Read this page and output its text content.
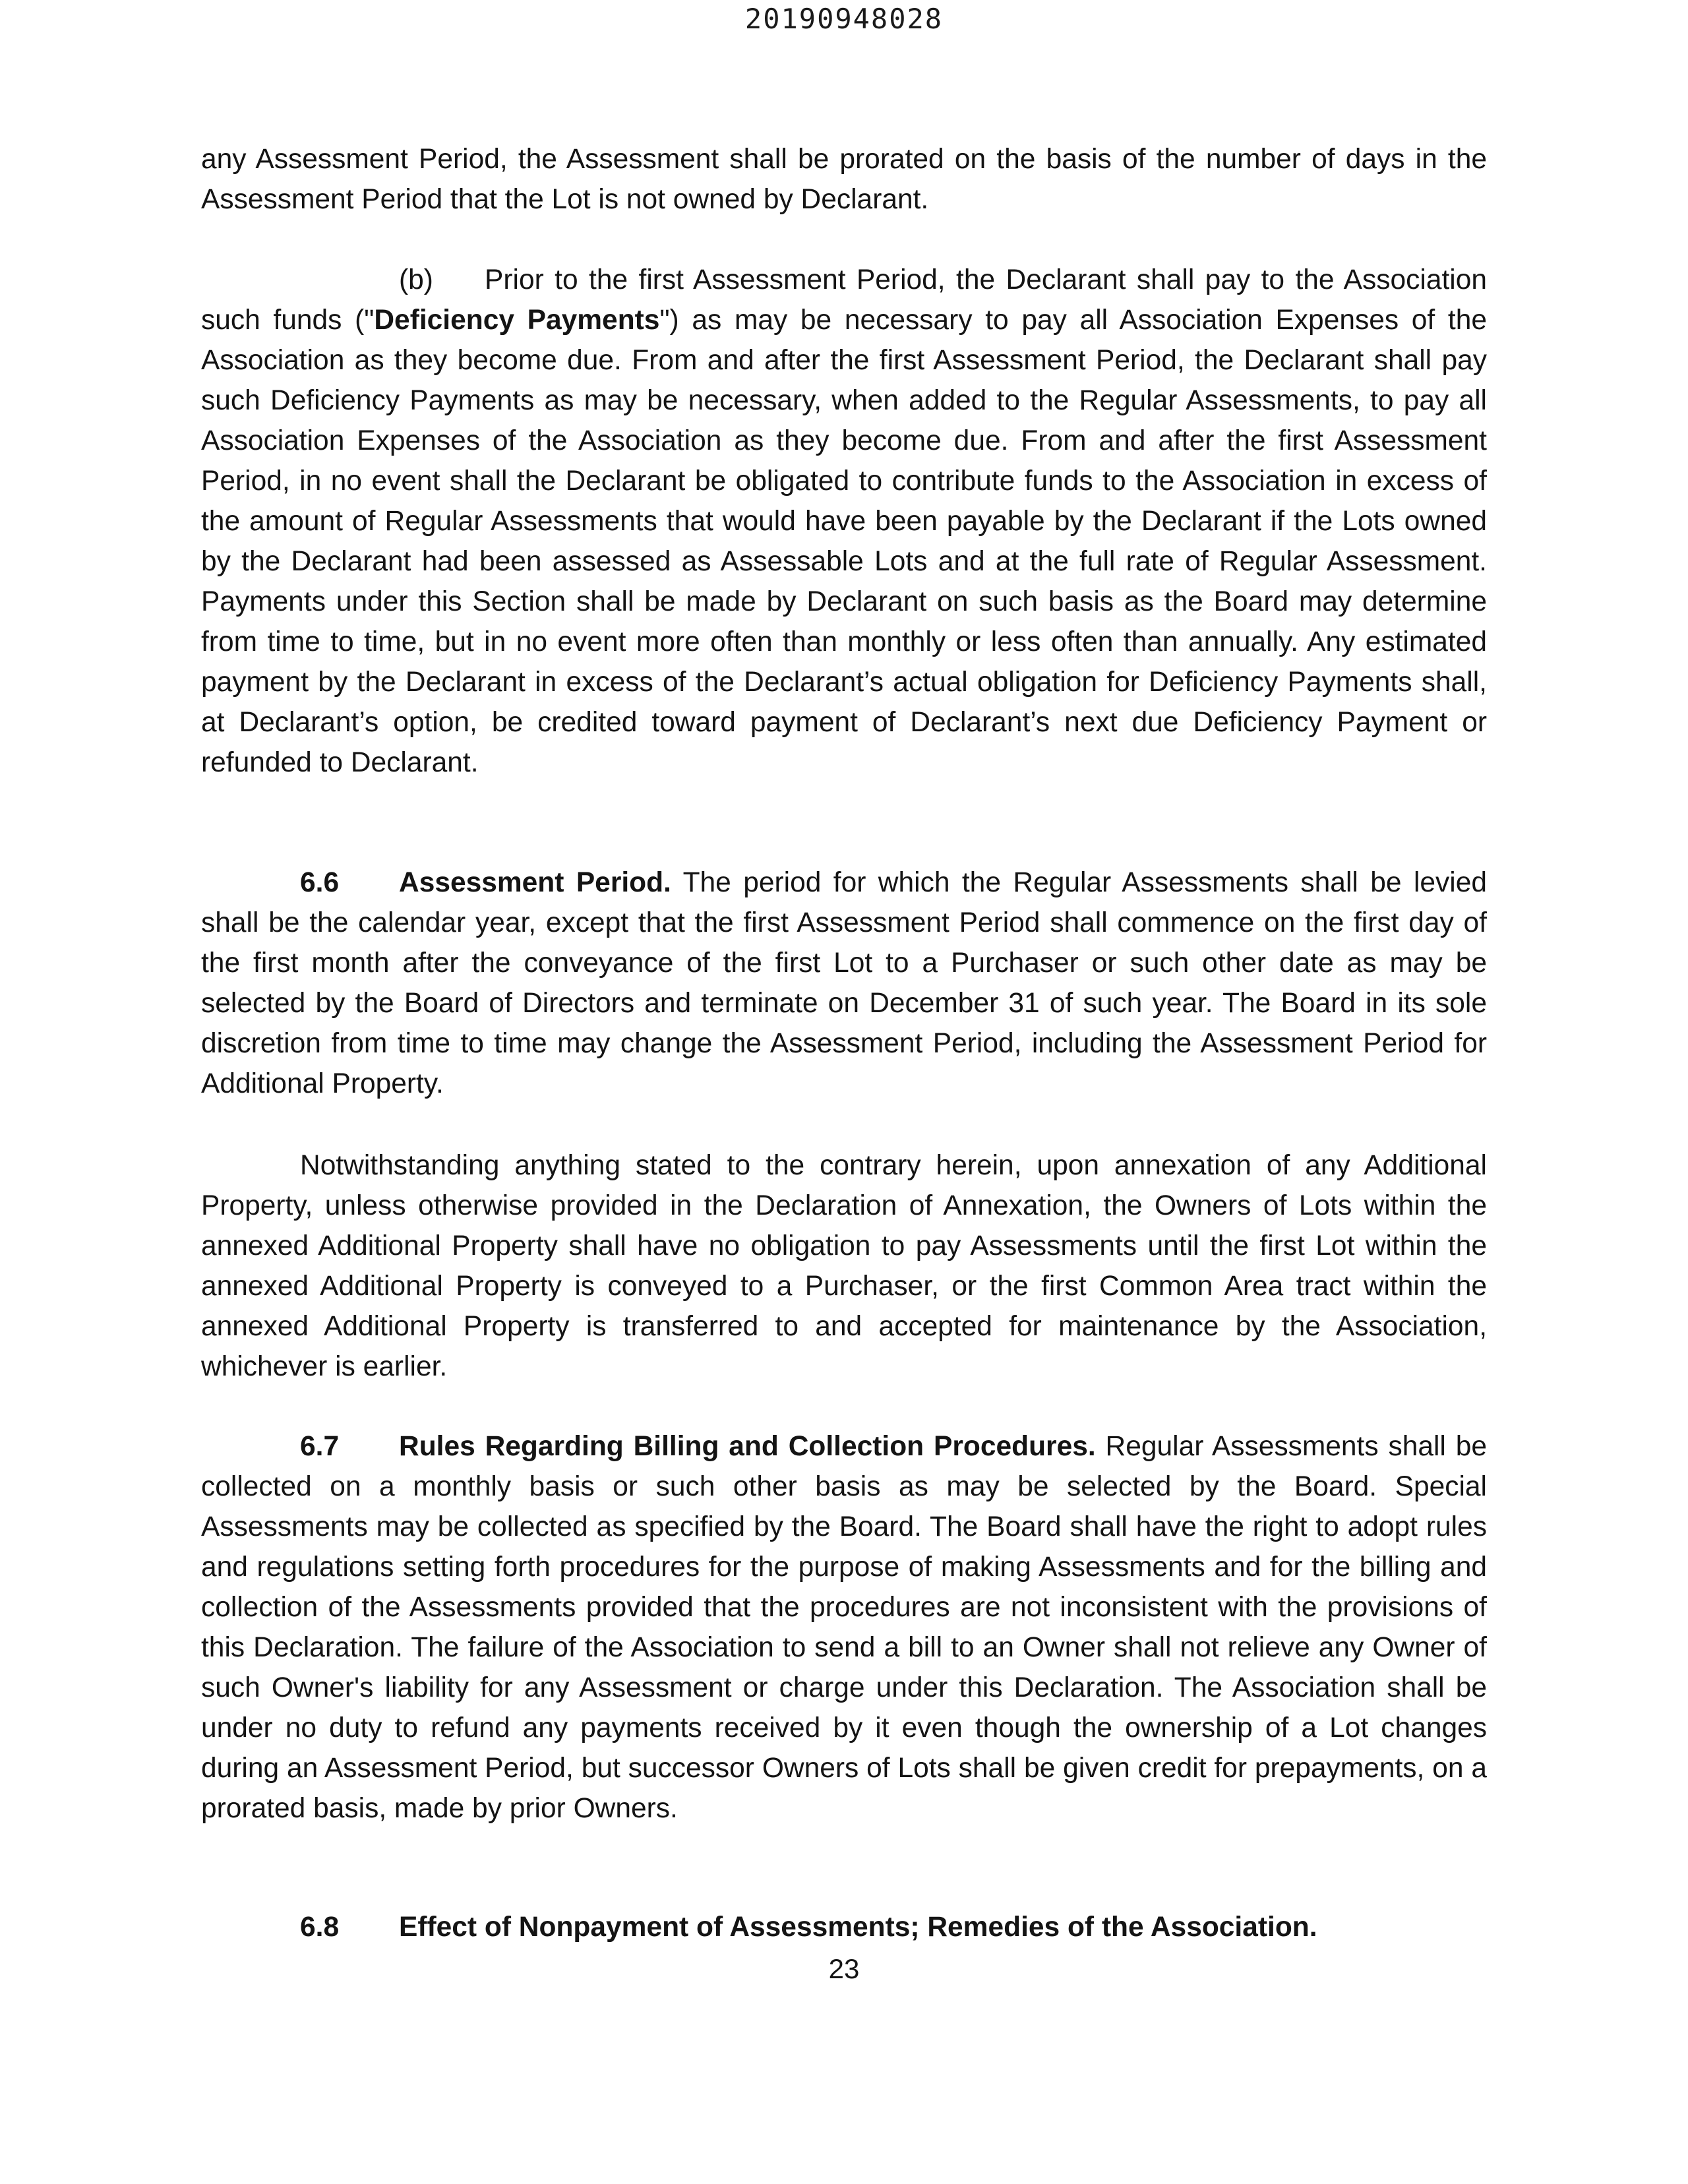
20190948028

any Assessment Period, the Assessment shall be prorated on the basis of the number of days in the Assessment Period that the Lot is not owned by Declarant.

(b) Prior to the first Assessment Period, the Declarant shall pay to the Association such funds ("Deficiency Payments") as may be necessary to pay all Association Expenses of the Association as they become due. From and after the first Assessment Period, the Declarant shall pay such Deficiency Payments as may be necessary, when added to the Regular Assessments, to pay all Association Expenses of the Association as they become due. From and after the first Assessment Period, in no event shall the Declarant be obligated to contribute funds to the Association in excess of the amount of Regular Assessments that would have been payable by the Declarant if the Lots owned by the Declarant had been assessed as Assessable Lots and at the full rate of Regular Assessment. Payments under this Section shall be made by Declarant on such basis as the Board may determine from time to time, but in no event more often than monthly or less often than annually. Any estimated payment by the Declarant in excess of the Declarant’s actual obligation for Deficiency Payments shall, at Declarant’s option, be credited toward payment of Declarant’s next due Deficiency Payment or refunded to Declarant.

6.6 Assessment Period. The period for which the Regular Assessments shall be levied shall be the calendar year, except that the first Assessment Period shall commence on the first day of the first month after the conveyance of the first Lot to a Purchaser or such other date as may be selected by the Board of Directors and terminate on December 31 of such year. The Board in its sole discretion from time to time may change the Assessment Period, including the Assessment Period for Additional Property.

Notwithstanding anything stated to the contrary herein, upon annexation of any Additional Property, unless otherwise provided in the Declaration of Annexation, the Owners of Lots within the annexed Additional Property shall have no obligation to pay Assessments until the first Lot within the annexed Additional Property is conveyed to a Purchaser, or the first Common Area tract within the annexed Additional Property is transferred to and accepted for maintenance by the Association, whichever is earlier.

6.7 Rules Regarding Billing and Collection Procedures. Regular Assessments shall be collected on a monthly basis or such other basis as may be selected by the Board. Special Assessments may be collected as specified by the Board. The Board shall have the right to adopt rules and regulations setting forth procedures for the purpose of making Assessments and for the billing and collection of the Assessments provided that the procedures are not inconsistent with the provisions of this Declaration. The failure of the Association to send a bill to an Owner shall not relieve any Owner of such Owner's liability for any Assessment or charge under this Declaration. The Association shall be under no duty to refund any payments received by it even though the ownership of a Lot changes during an Assessment Period, but successor Owners of Lots shall be given credit for prepayments, on a prorated basis, made by prior Owners.

6.8 Effect of Nonpayment of Assessments; Remedies of the Association.

23
